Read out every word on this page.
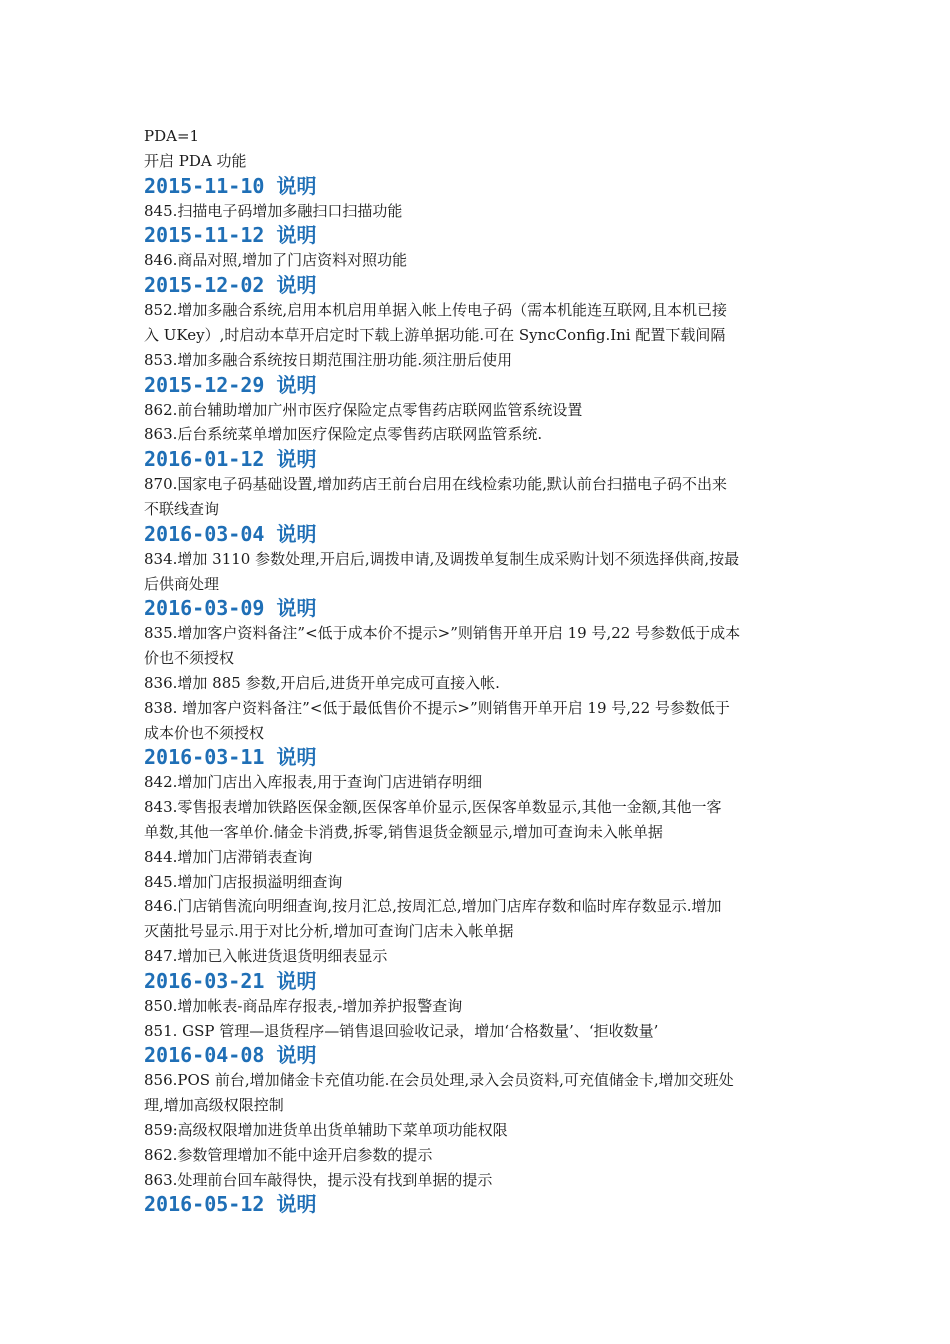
PDA=1
开启 PDA 功能
2015-11-10 说明
845.扫描电子码增加多融扫口扫描功能
2015-11-12 说明
846.商品对照,增加了门店资料对照功能
2015-12-02 说明
852.增加多融合系统,启用本机启用单据入帐上传电子码（需本机能连互联网,且本机已接
入 UKey）,时启动本草开启定时下载上游单据功能.可在 SyncConfig.Ini 配置下载间隔
853.增加多融合系统按日期范围注册功能.须注册后使用
2015-12-29 说明
862.前台辅助增加广州市医疗保险定点零售药店联网监管系统设置
863.后台系统菜单增加医疗保险定点零售药店联网监管系统.
2016-01-12 说明
870.国家电子码基础设置,增加药店王前台启用在线检索功能,默认前台扫描电子码不出来
不联线查询
2016-03-04 说明
834.增加 3110 参数处理,开启后,调拨申请,及调拨单复制生成采购计划不须选择供商,按最
后供商处理
2016-03-09 说明
835.增加客户资料备注”<低于成本价不提示>”则销售开单开启 19 号,22 号参数低于成本
价也不须授权
836.增加 885 参数,开启后,进货开单完成可直接入帐.
838. 增加客户资料备注”<低于最低售价不提示>”则销售开单开启 19 号,22 号参数低于
成本价也不须授权
2016-03-11 说明
842.增加门店出入库报表,用于查询门店进销存明细
843.零售报表增加铁路医保金额,医保客单价显示,医保客单数显示,其他一金额,其他一客
单数,其他一客单价.储金卡消费,拆零,销售退货金额显示,增加可查询未入帐单据
844.增加门店滞销表查询
845.增加门店报损溢明细查询
846.门店销售流向明细查询,按月汇总,按周汇总,增加门店库存数和临时库存数显示.增加
灭菌批号显示.用于对比分析,增加可查询门店未入帐单据
847.增加已入帐进货退货明细表显示
2016-03-21 说明
850.增加帐表-商品库存报表,-增加养护报警查询
851. GSP 管理—退货程序—销售退回验收记录，增加‘合格数量’、‘拒收数量’
2016-04-08 说明
856.POS 前台,增加储金卡充值功能.在会员处理,录入会员资料,可充值储金卡,增加交班处
理,增加高级权限控制
859:高级权限增加进货单出货单辅助下菜单项功能权限
862.参数管理增加不能中途开启参数的提示
863.处理前台回车敲得快，提示没有找到单据的提示
2016-05-12 说明
